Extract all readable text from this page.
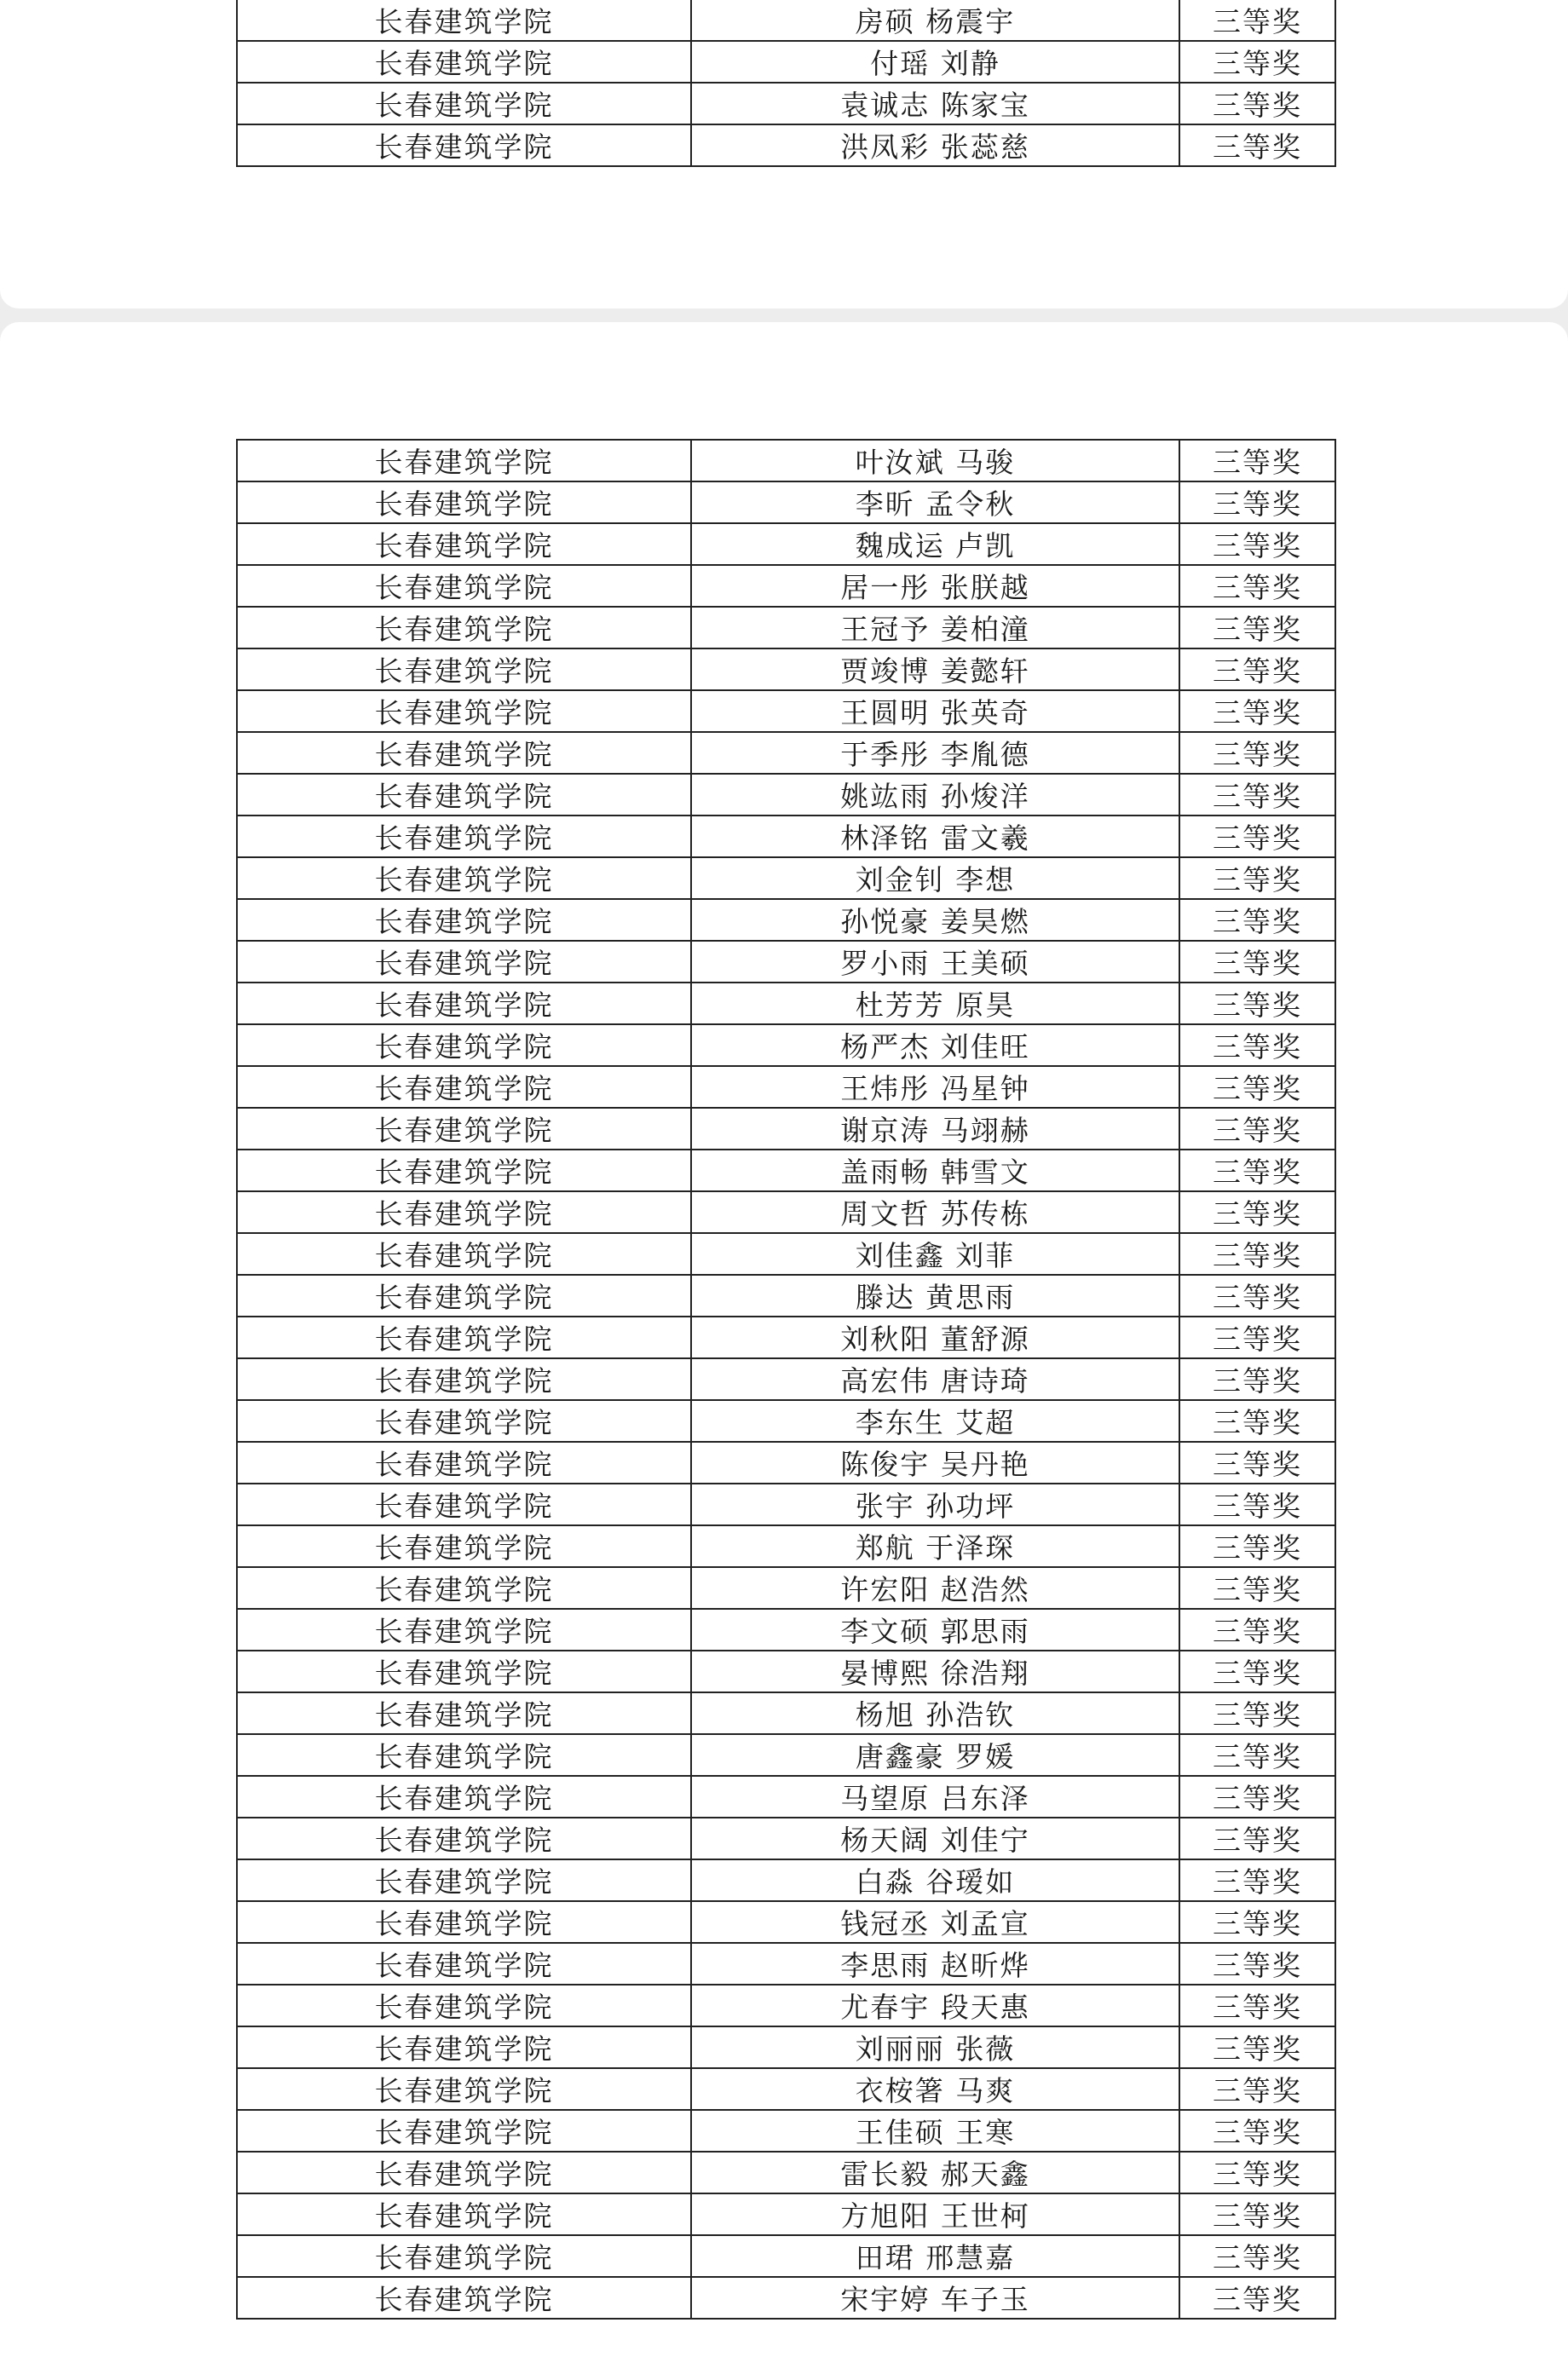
长春建筑学院	房硕 杨震宇	三等奖
长春建筑学院	付瑶 刘静	三等奖
长春建筑学院	袁诚志 陈家宝	三等奖
长春建筑学院	洪凤彩 张蕊慈	三等奖
长春建筑学院	叶汝斌 马骏	三等奖
长春建筑学院	李昕 孟令秋	三等奖
长春建筑学院	魏成运 卢凯	三等奖
长春建筑学院	居一彤 张朕越	三等奖
长春建筑学院	王冠予 姜柏潼	三等奖
长春建筑学院	贾竣博 姜懿轩	三等奖
长春建筑学院	王圆明 张英奇	三等奖
长春建筑学院	于季彤 李胤德	三等奖
长春建筑学院	姚竑雨 孙焌洋	三等奖
长春建筑学院	林泽铭 雷文羲	三等奖
长春建筑学院	刘金钊 李想	三等奖
长春建筑学院	孙悦豪 姜昊燃	三等奖
长春建筑学院	罗小雨 王美硕	三等奖
长春建筑学院	杜芳芳 原昊	三等奖
长春建筑学院	杨严杰 刘佳旺	三等奖
长春建筑学院	王炜彤 冯星钟	三等奖
长春建筑学院	谢京涛 马翊赫	三等奖
长春建筑学院	盖雨畅 韩雪文	三等奖
长春建筑学院	周文哲 苏传栋	三等奖
长春建筑学院	刘佳鑫 刘菲	三等奖
长春建筑学院	滕达 黄思雨	三等奖
长春建筑学院	刘秋阳 董舒源	三等奖
长春建筑学院	高宏伟 唐诗琦	三等奖
长春建筑学院	李东生 艾超	三等奖
长春建筑学院	陈俊宇 吴丹艳	三等奖
长春建筑学院	张宇 孙功坪	三等奖
长春建筑学院	郑航 于泽琛	三等奖
长春建筑学院	许宏阳 赵浩然	三等奖
长春建筑学院	李文硕 郭思雨	三等奖
长春建筑学院	晏博熙 徐浩翔	三等奖
长春建筑学院	杨旭 孙浩钦	三等奖
长春建筑学院	唐鑫豪 罗媛	三等奖
长春建筑学院	马望原 吕东泽	三等奖
长春建筑学院	杨天阔 刘佳宁	三等奖
长春建筑学院	白淼 谷瑷如	三等奖
长春建筑学院	钱冠丞 刘孟宣	三等奖
长春建筑学院	李思雨 赵昕烨	三等奖
长春建筑学院	尤春宇 段天惠	三等奖
长春建筑学院	刘丽丽 张薇	三等奖
长春建筑学院	衣桉箸 马爽	三等奖
长春建筑学院	王佳硕 王寒	三等奖
长春建筑学院	雷长毅 郝天鑫	三等奖
长春建筑学院	方旭阳 王世柯	三等奖
长春建筑学院	田珺 邢慧嘉	三等奖
长春建筑学院	宋宇婷 车子玉	三等奖
